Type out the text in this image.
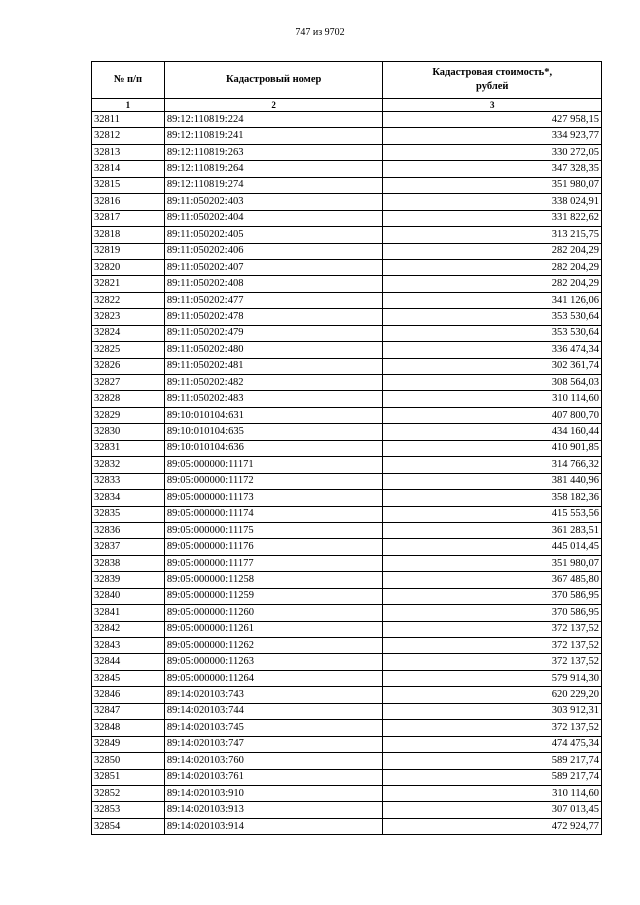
747 из 9702
№ п/п	Кадастровый номер	Кадастровая стоимость*,
рублей
1	2	3
32811	89:12:110819:224	427 958,15
32812	89:12:110819:241	334 923,77
32813	89:12:110819:263	330 272,05
32814	89:12:110819:264	347 328,35
32815	89:12:110819:274	351 980,07
32816	89:11:050202:403	338 024,91
32817	89:11:050202:404	331 822,62
32818	89:11:050202:405	313 215,75
32819	89:11:050202:406	282 204,29
32820	89:11:050202:407	282 204,29
32821	89:11:050202:408	282 204,29
32822	89:11:050202:477	341 126,06
32823	89:11:050202:478	353 530,64
32824	89:11:050202:479	353 530,64
32825	89:11:050202:480	336 474,34
32826	89:11:050202:481	302 361,74
32827	89:11:050202:482	308 564,03
32828	89:11:050202:483	310 114,60
32829	89:10:010104:631	407 800,70
32830	89:10:010104:635	434 160,44
32831	89:10:010104:636	410 901,85
32832	89:05:000000:11171	314 766,32
32833	89:05:000000:11172	381 440,96
32834	89:05:000000:11173	358 182,36
32835	89:05:000000:11174	415 553,56
32836	89:05:000000:11175	361 283,51
32837	89:05:000000:11176	445 014,45
32838	89:05:000000:11177	351 980,07
32839	89:05:000000:11258	367 485,80
32840	89:05:000000:11259	370 586,95
32841	89:05:000000:11260	370 586,95
32842	89:05:000000:11261	372 137,52
32843	89:05:000000:11262	372 137,52
32844	89:05:000000:11263	372 137,52
32845	89:05:000000:11264	579 914,30
32846	89:14:020103:743	620 229,20
32847	89:14:020103:744	303 912,31
32848	89:14:020103:745	372 137,52
32849	89:14:020103:747	474 475,34
32850	89:14:020103:760	589 217,74
32851	89:14:020103:761	589 217,74
32852	89:14:020103:910	310 114,60
32853	89:14:020103:913	307 013,45
32854	89:14:020103:914	472 924,77
